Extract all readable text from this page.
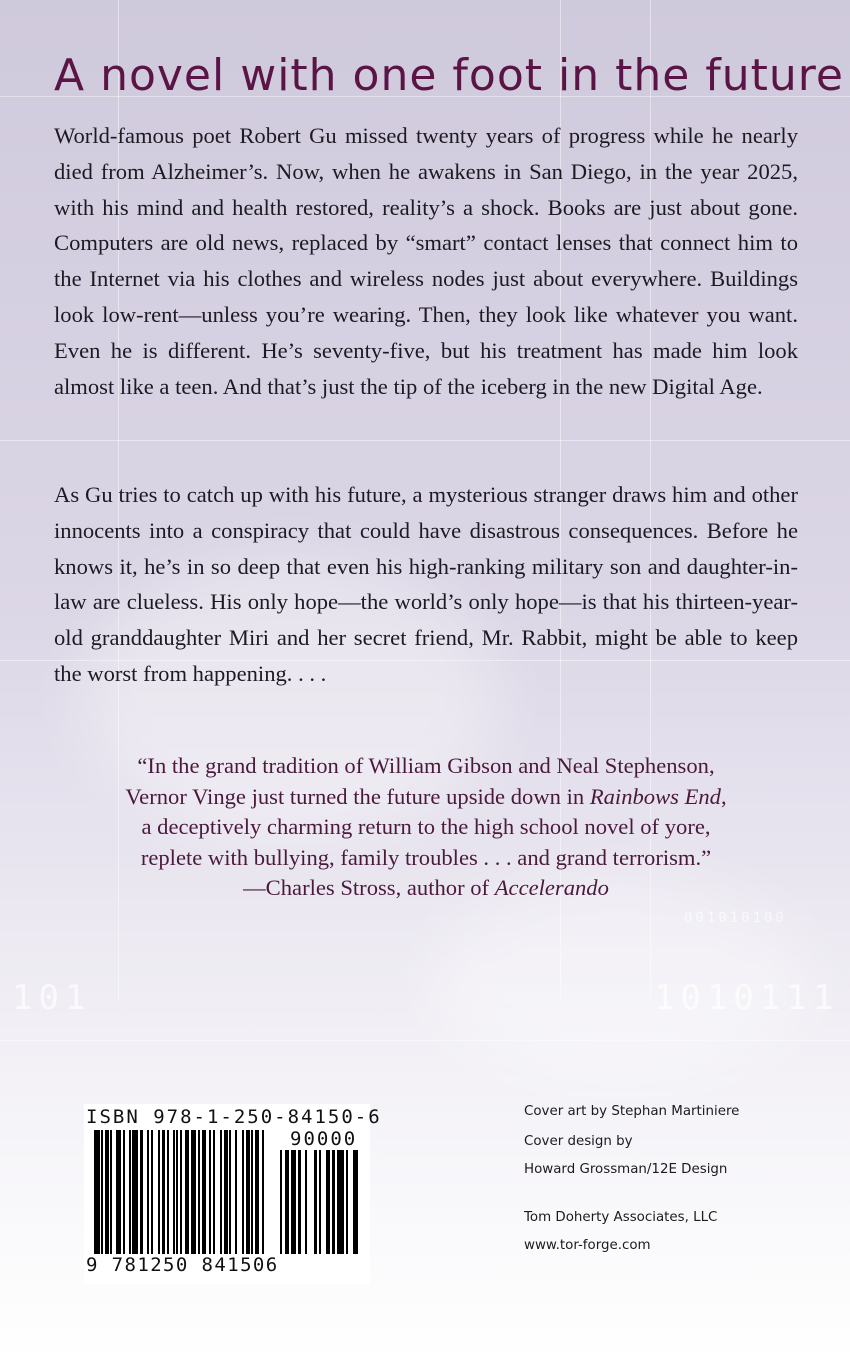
101	1010111
001010100
A novel with one foot in the future

World-famous poet Robert Gu missed twenty years of progress while he nearly died from Alzheimer’s. Now, when he awakens in San Diego, in the year 2025, with his mind and health restored, reality’s a shock. Books are just about gone. Computers are old news, replaced by “smart” contact lenses that connect him to the Internet via his clothes and wireless nodes just about everywhere. Buildings look low-rent—unless you’re wearing. Then, they look like whatever you want. Even he is different. He’s seventy-five, but his treatment has made him look almost like a teen. And that’s just the tip of the iceberg in the new Digital Age.

As Gu tries to catch up with his future, a mysterious stranger draws him and other innocents into a conspiracy that could have disastrous consequences. Before he knows it, he’s in so deep that even his high-ranking military son and daughter-in-law are clueless. His only hope—the world’s only hope—is that his thirteen-year-old granddaughter Miri and her secret friend, Mr. Rabbit, might be able to keep the worst from happening. . . .

“In the grand tradition of William Gibson and Neal Stephenson,
Vernor Vinge just turned the future upside down in Rainbows End,
a deceptively charming return to the high school novel of yore,
replete with bullying, family troubles . . . and grand terrorism.”

—Charles Stross, author of Accelerando
ISBN 978-1-250-84150-6
90000
9 781250 841506
Cover art by Stephan Martiniere
Cover design by
Howard Grossman/12E Design
Tom Doherty Associates, LLC
www.tor-forge.com
